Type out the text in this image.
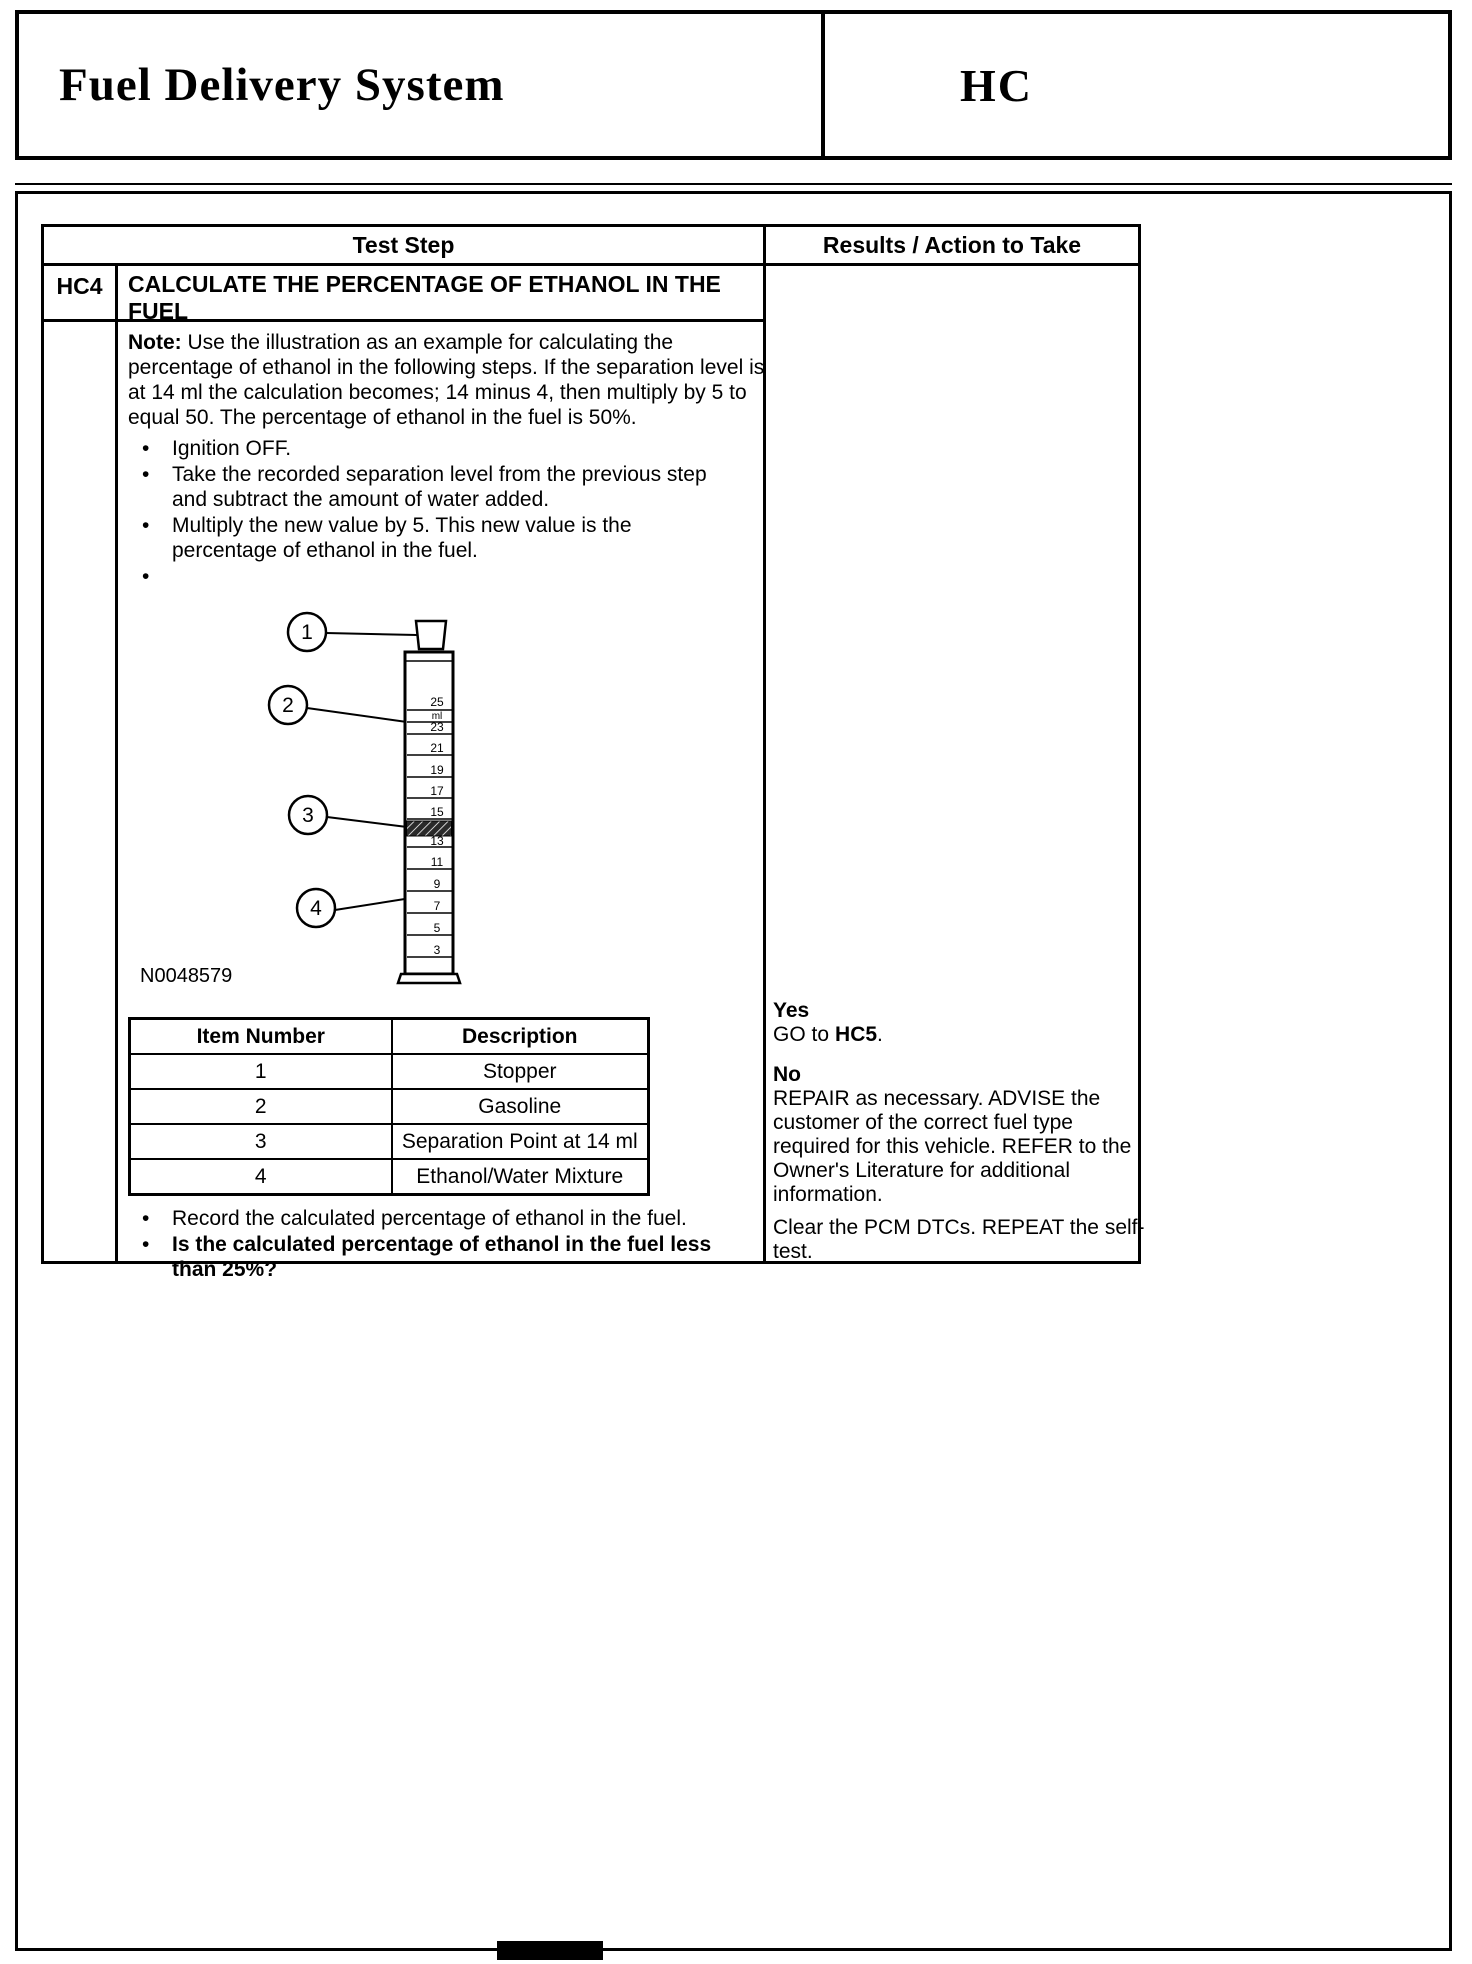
Fuel Delivery System	HC
Test Step	Results / Action to Take
HC4	CALCULATE THE PERCENTAGE OF ETHANOL IN THE FUEL

Note: Use the illustration as an example for calculating the percentage of ethanol in the following steps. If the separation level is at 14 ml the calculation becomes; 14 minus 4, then multiply by 5 to equal 50. The percentage of ethanol in the fuel is 50%.

•	Ignition OFF.
•	Take the recorded separation level from the previous step and subtract the amount of water added.
•	Multiply the new value by 5. This new value is the percentage of ethanol in the fuel.
•
25
ml
23
21
19
17
15
13
11
9
7
5
3
1
2
3
4
N0048579
Item Number	Description
1	Stopper
2	Gasoline
3	Separation Point at 14 ml
4	Ethanol/Water Mixture
•	Record the calculated percentage of ethanol in the fuel.
•	Is the calculated percentage of ethanol in the fuel less than 25%?
Yes
GO to HC5.
No

REPAIR as necessary. ADVISE the customer of the correct fuel type required for this vehicle. REFER to the Owner's Literature for additional information.

Clear the PCM DTCs. REPEAT the self-test.
